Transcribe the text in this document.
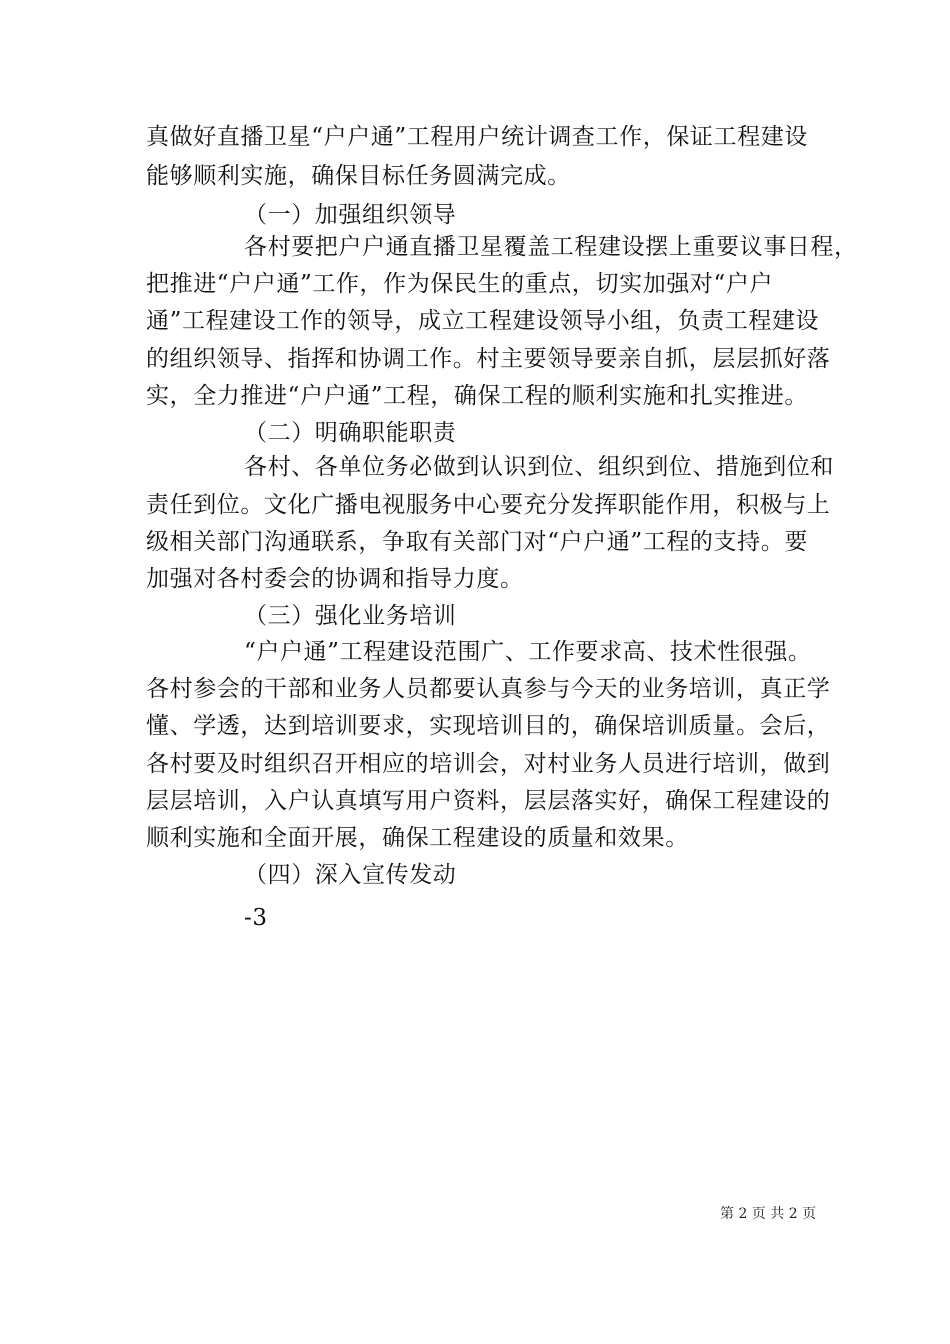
真做好直播卫星“户户通”工程用户统计调查工作，保证工程建设
能够顺利实施，确保目标任务圆满完成。
（一）加强组织领导
各村要把户户通直播卫星覆盖工程建设摆上重要议事日程，
把推进“户户通”工作，作为保民生的重点，切实加强对“户户
通”工程建设工作的领导，成立工程建设领导小组，负责工程建设
的组织领导、指挥和协调工作。村主要领导要亲自抓，层层抓好落
实，全力推进“户户通”工程，确保工程的顺利实施和扎实推进。
（二）明确职能职责
各村、各单位务必做到认识到位、组织到位、措施到位和
责任到位。文化广播电视服务中心要充分发挥职能作用，积极与上
级相关部门沟通联系，争取有关部门对“户户通”工程的支持。要
加强对各村委会的协调和指导力度。
（三）强化业务培训
“户户通”工程建设范围广、工作要求高、技术性很强。
各村参会的干部和业务人员都要认真参与今天的业务培训，真正学
懂、学透，达到培训要求，实现培训目的，确保培训质量。会后，
各村要及时组织召开相应的培训会，对村业务人员进行培训，做到
层层培训，入户认真填写用户资料，层层落实好，确保工程建设的
顺利实施和全面开展，确保工程建设的质量和效果。
（四）深入宣传发动
-3
第 2 页 共 2 页
